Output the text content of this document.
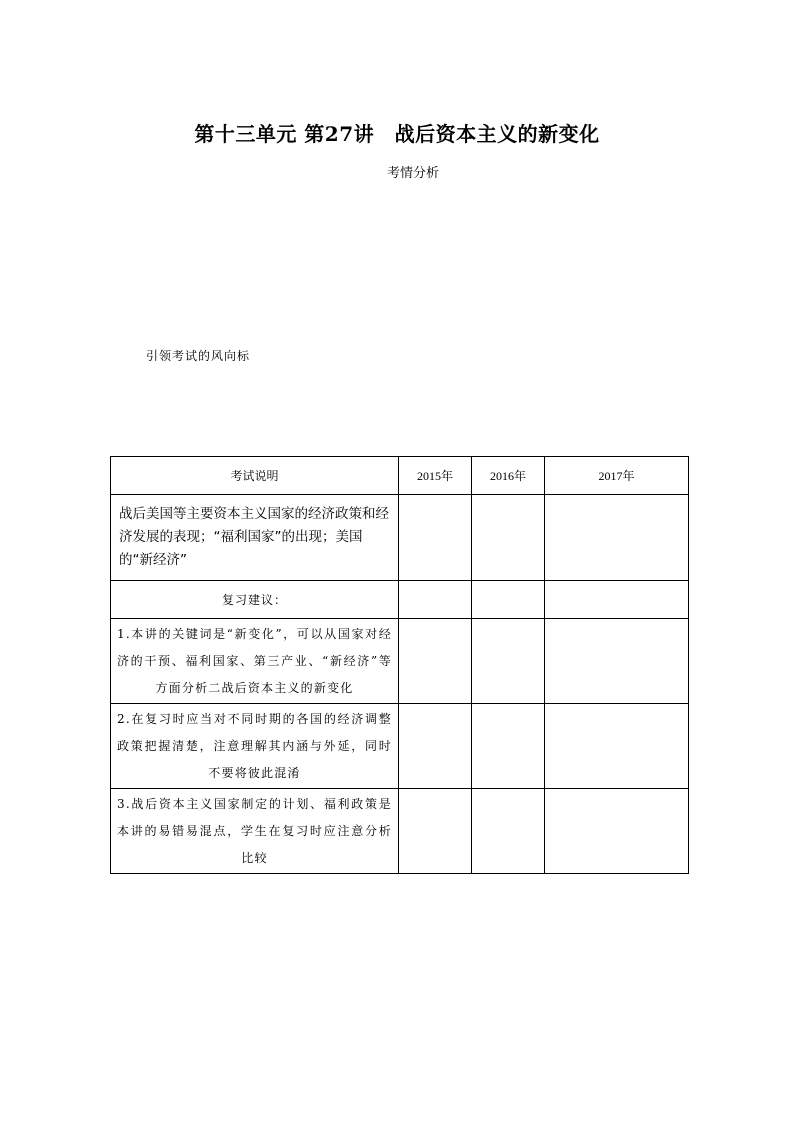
第十三单元 第27讲　战后资本主义的新变化
考情分析
引领考试的风向标
考试说明	2015年	2016年	2017年
战后美国等主要资本主义国家的经济政策和经济发展的表现；“福利国家”的出现；美国的“新经济”			
复习建议：			
1.本讲的关键词是“新变化”，可以从国家对经济的干预、福利国家、第三产业、“新经济”等方面分析二战后资本主义的新变化			
2.在复习时应当对不同时期的各国的经济调整政策把握清楚，注意理解其内涵与外延，同时不要将彼此混淆			
3.战后资本主义国家制定的计划、福利政策是本讲的易错易混点，学生在复习时应注意分析比较			
